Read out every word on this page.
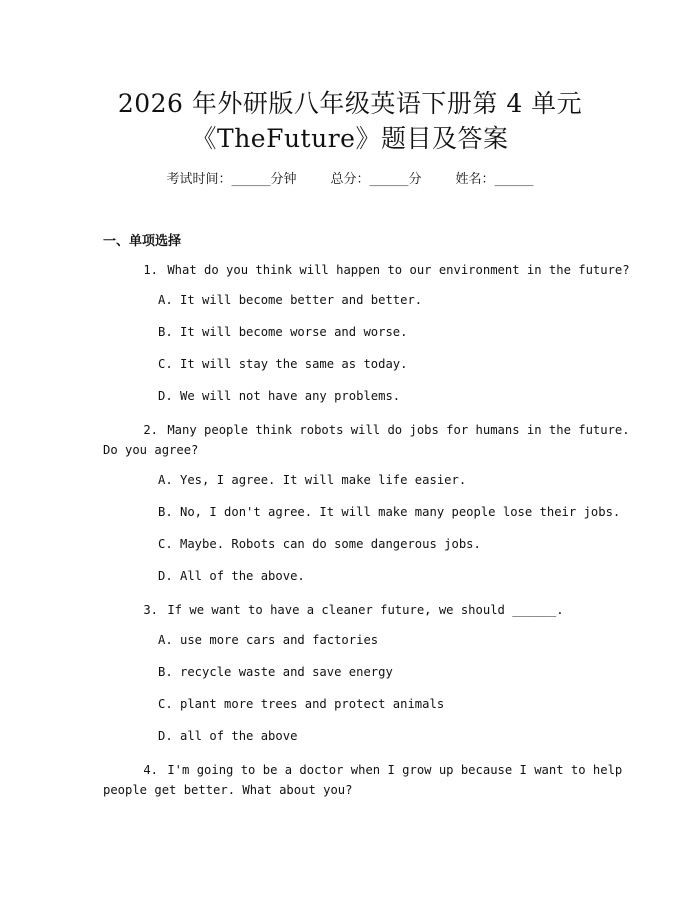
2026 年外研版八年级英语下册第 4 单元
《TheFuture》题目及答案
考试时间：______分钟	总分：______分	姓名：______
一、单项选择
1. What do you think will happen to our environment in the future?
A. It will become better and better.
B. It will become worse and worse.
C. It will stay the same as today.
D. We will not have any problems.
2. Many people think robots will do jobs for humans in the future.
Do you agree?
A. Yes, I agree. It will make life easier.
B. No, I don't agree. It will make many people lose their jobs.
C. Maybe. Robots can do some dangerous jobs.
D. All of the above.
3. If we want to have a cleaner future, we should ______.
A. use more cars and factories
B. recycle waste and save energy
C. plant more trees and protect animals
D. all of the above
4. I'm going to be a doctor when I grow up because I want to help
people get better. What about you?
